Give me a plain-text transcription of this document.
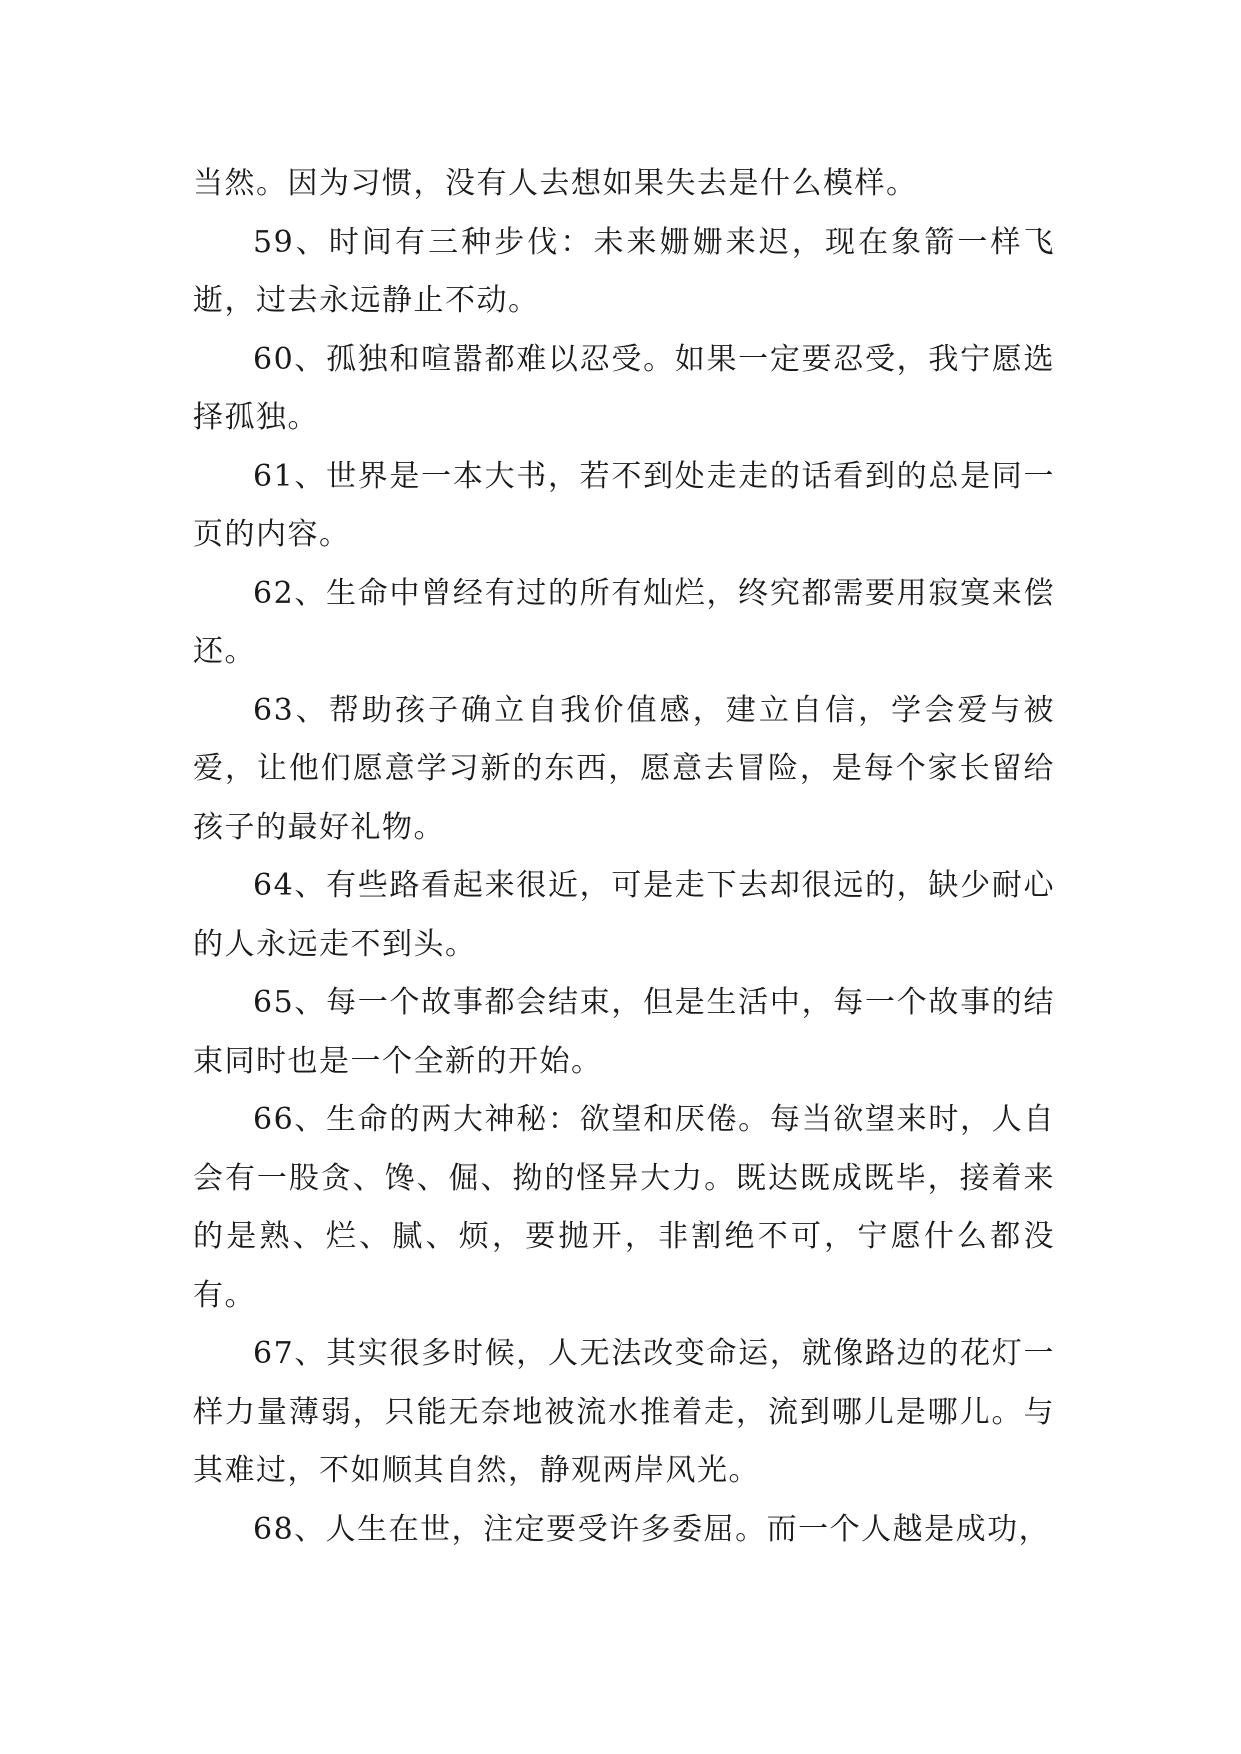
当然。因为习惯，没有人去想如果失去是什么模样。

59、时间有三种步伐：未来姗姗来迟，现在象箭一样飞逝，过去永远静止不动。

60、孤独和喧嚣都难以忍受。如果一定要忍受，我宁愿选择孤独。

61、世界是一本大书，若不到处走走的话看到的总是同一页的内容。

62、生命中曾经有过的所有灿烂，终究都需要用寂寞来偿还。

63、帮助孩子确立自我价值感，建立自信，学会爱与被爱，让他们愿意学习新的东西，愿意去冒险，是每个家长留给孩子的最好礼物。

64、有些路看起来很近，可是走下去却很远的，缺少耐心的人永远走不到头。

65、每一个故事都会结束，但是生活中，每一个故事的结束同时也是一个全新的开始。

66、生命的两大神秘：欲望和厌倦。每当欲望来时，人自会有一股贪、馋、倔、拗的怪异大力。既达既成既毕，接着来的是熟、烂、腻、烦，要抛开，非割绝不可，宁愿什么都没有。

67、其实很多时候，人无法改变命运，就像路边的花灯一样力量薄弱，只能无奈地被流水推着走，流到哪儿是哪儿。与其难过，不如顺其自然，静观两岸风光。

68、人生在世，注定要受许多委屈。而一个人越是成功，
